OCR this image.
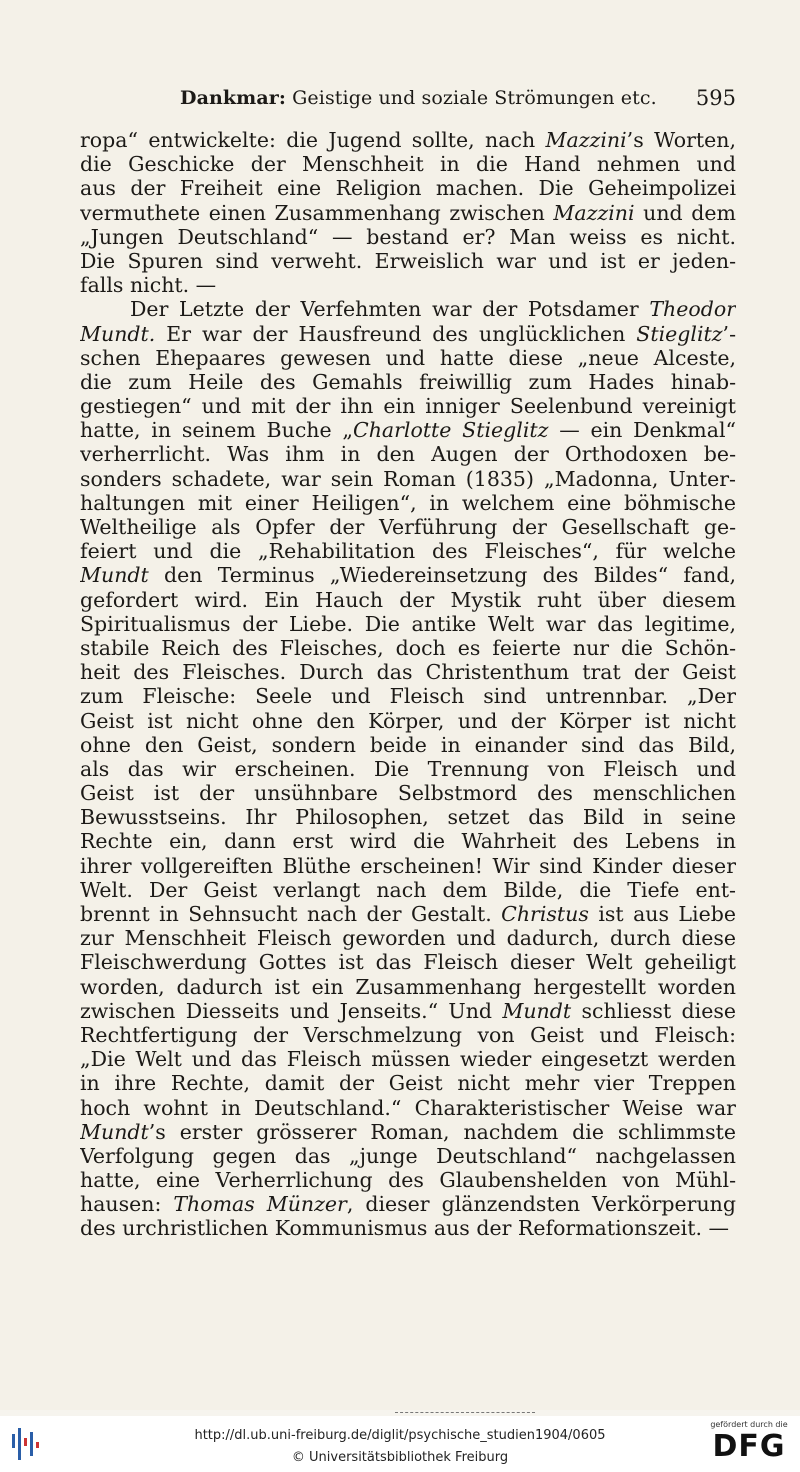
Dankmar: Geistige und soziale Strömungen etc. 595
ropa“ entwickelte: die Jugend sollte, nach Mazzini’s Worten,
die Geschicke der Menschheit in die Hand nehmen und
aus der Freiheit eine Religion machen. Die Geheimpolizei
vermuthete einen Zusammenhang zwischen Mazzini und dem
„Jungen Deutschland“ — bestand er? Man weiss es nicht.
Die Spuren sind verweht. Erweislich war und ist er jeden-
falls nicht. —
Der Letzte der Verfehmten war der Potsdamer Theodor
Mundt. Er war der Hausfreund des unglücklichen Stieglitz’-
schen Ehepaares gewesen und hatte diese „neue Alceste,
die zum Heile des Gemahls freiwillig zum Hades hinab-
gestiegen“ und mit der ihn ein inniger Seelenbund vereinigt
hatte, in seinem Buche „Charlotte Stieglitz — ein Denkmal“
verherrlicht. Was ihm in den Augen der Orthodoxen be-
sonders schadete, war sein Roman (1835) „Madonna, Unter-
haltungen mit einer Heiligen“, in welchem eine böhmische
Weltheilige als Opfer der Verführung der Gesellschaft ge-
feiert und die „Rehabilitation des Fleisches“, für welche
Mundt den Terminus „Wiedereinsetzung des Bildes“ fand,
gefordert wird. Ein Hauch der Mystik ruht über diesem
Spiritualismus der Liebe. Die antike Welt war das legitime,
stabile Reich des Fleisches, doch es feierte nur die Schön-
heit des Fleisches. Durch das Christenthum trat der Geist
zum Fleische: Seele und Fleisch sind untrennbar. „Der
Geist ist nicht ohne den Körper, und der Körper ist nicht
ohne den Geist, sondern beide in einander sind das Bild,
als das wir erscheinen. Die Trennung von Fleisch und
Geist ist der unsühnbare Selbstmord des menschlichen
Bewusstseins. Ihr Philosophen, setzet das Bild in seine
Rechte ein, dann erst wird die Wahrheit des Lebens in
ihrer vollgereiften Blüthe erscheinen! Wir sind Kinder dieser
Welt. Der Geist verlangt nach dem Bilde, die Tiefe ent-
brennt in Sehnsucht nach der Gestalt. Christus ist aus Liebe
zur Menschheit Fleisch geworden und dadurch, durch diese
Fleischwerdung Gottes ist das Fleisch dieser Welt geheiligt
worden, dadurch ist ein Zusammenhang hergestellt worden
zwischen Diesseits und Jenseits.“ Und Mundt schliesst diese
Rechtfertigung der Verschmelzung von Geist und Fleisch:
„Die Welt und das Fleisch müssen wieder eingesetzt werden
in ihre Rechte, damit der Geist nicht mehr vier Treppen
hoch wohnt in Deutschland.“ Charakteristischer Weise war
Mundt’s erster grösserer Roman, nachdem die schlimmste
Verfolgung gegen das „junge Deutschland“ nachgelassen
hatte, eine Verherrlichung des Glaubenshelden von Mühl-
hausen: Thomas Münzer, dieser glänzendsten Verkörperung
des urchristlichen Kommunismus aus der Reformationszeit. —
http://dl.ub.uni-freiburg.de/diglit/psychische_studien1904/0605
© Universitätsbibliothek Freiburg
gefördert durch die
DFG
